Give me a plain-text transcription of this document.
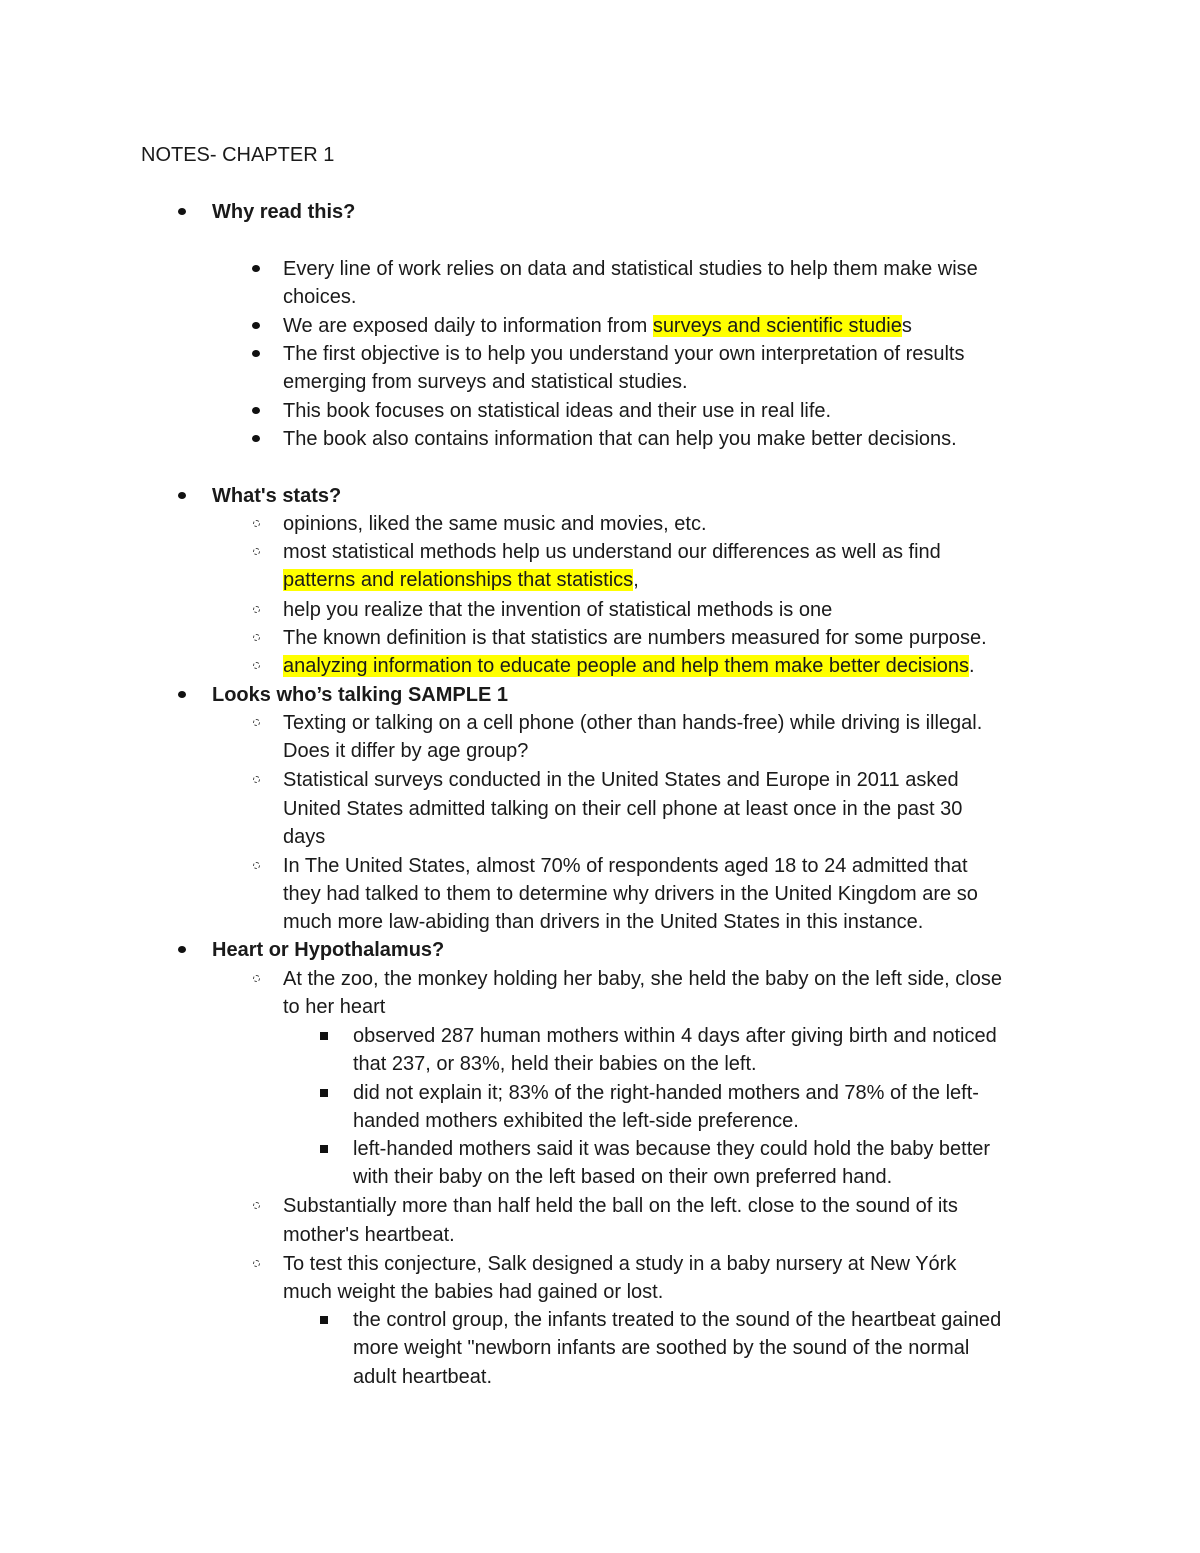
NOTES- CHAPTER 1
Why read this?
Every line of work relies on data and statistical studies to help them make wise
choices.
We are exposed daily to information from surveys and scientific studies
The first objective is to help you understand your own interpretation of results
emerging from surveys and statistical studies.
This book focuses on statistical ideas and their use in real life.
The book also contains information that can help you make better decisions.
What's stats?
opinions, liked the same music and movies, etc.
most statistical methods help us understand our differences as well as find
patterns and relationships that statistics,
help you realize that the invention of statistical methods is one
The known definition is that statistics are numbers measured for some purpose.
analyzing information to educate people and help them make better decisions.
Looks who’s talking SAMPLE 1
Texting or talking on a cell phone (other than hands-free) while driving is illegal.
Does it differ by age group?
Statistical surveys conducted in the United States and Europe in 2011 asked
United States admitted talking on their cell phone at least once in the past 30
days
In The United States, almost 70% of respondents aged 18 to 24 admitted that
they had talked to them to determine why drivers in the United Kingdom are so
much more law-abiding than drivers in the United States in this instance.
Heart or Hypothalamus?
At the zoo, the monkey holding her baby, she held the baby on the left side, close
to her heart
observed 287 human mothers within 4 days after giving birth and noticed
that 237, or 83%, held their babies on the left.
did not explain it; 83% of the right-handed mothers and 78% of the left-
handed mothers exhibited the left-side preference.
left-handed mothers said it was because they could hold the baby better
with their baby on the left based on their own preferred hand.
Substantially more than half held the ball on the left. close to the sound of its
mother's heartbeat.
To test this conjecture, Salk designed a study in a baby nursery at New Yórk
much weight the babies had gained or lost.
the control group, the infants treated to the sound of the heartbeat gained
more weight "newborn infants are soothed by the sound of the normal
adult heartbeat.
